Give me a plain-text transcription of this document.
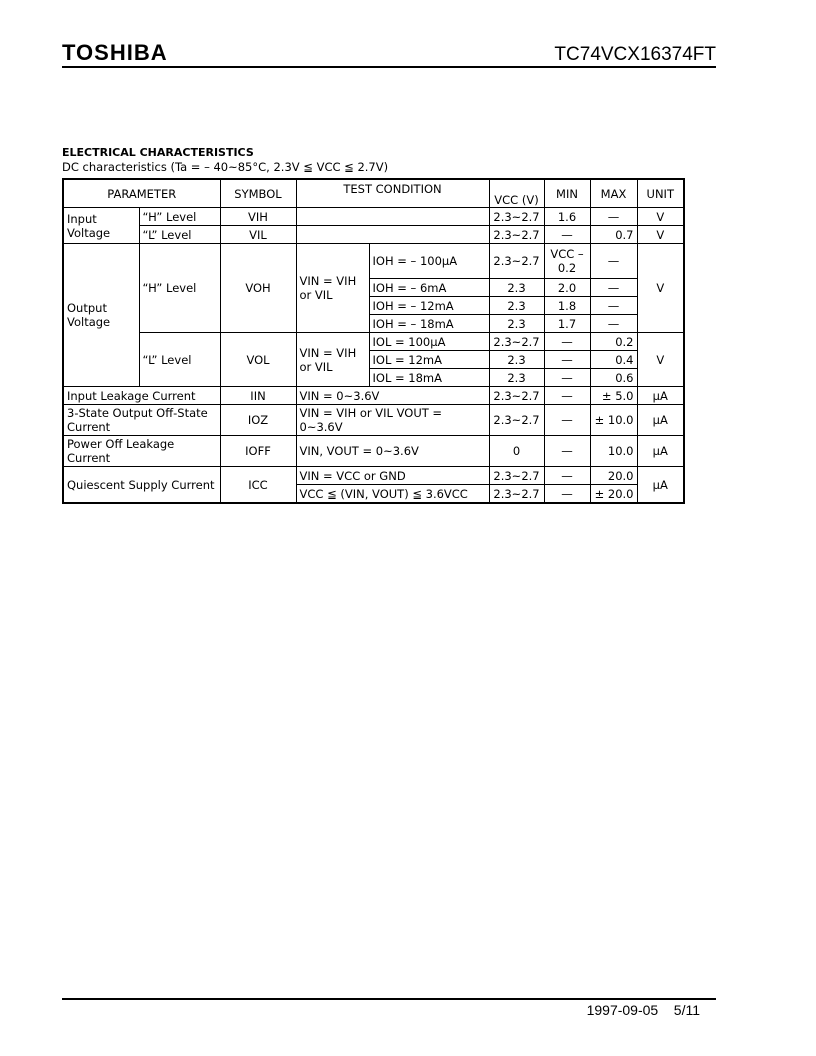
TOSHIBA	TC74VCX16374FT
ELECTRICAL CHARACTERISTICS
DC characteristics (Ta = – 40~85°C, 2.3V ≦ VCC ≦ 2.7V)
PARAMETER		SYMBOL	TEST CONDITION		VCC (V)	MIN	MAX	UNIT

Input Voltage	“H” Level	VIH			2.3~2.7	1.6	—	V
	“L” Level	VIL			2.3~2.7	—	0.7	V
Output Voltage	“H” Level	VOH	VIN = VIH or VIL	IOH = – 100μA	2.3~2.7	VCC – 0.2	—	V
				IOH = – 6mA	2.3	2.0	—	
				IOH = – 12mA	2.3	1.8	—	
				IOH = – 18mA	2.3	1.7	—	
	“L” Level	VOL	VIN = VIH or VIL	IOL = 100μA	2.3~2.7	—	0.2	V
				IOL = 12mA	2.3	—	0.4	
				IOL = 18mA	2.3	—	0.6	
Input Leakage Current		IIN	VIN = 0~3.6V		2.3~2.7	—	± 5.0	μA
3-State Output Off-State Current		IOZ	VIN = VIH or VIL VOUT = 0~3.6V		2.3~2.7	—	± 10.0	μA
Power Off Leakage Current		IOFF	VIN, VOUT = 0~3.6V		0	—	10.0	μA
Quiescent Supply Current		ICC	VIN = VCC or GND		2.3~2.7	—	20.0	μA
			VCC ≦ (VIN, VOUT) ≦ 3.6VCC		2.3~2.7	—	± 20.0	
1997-09-05 5/11
